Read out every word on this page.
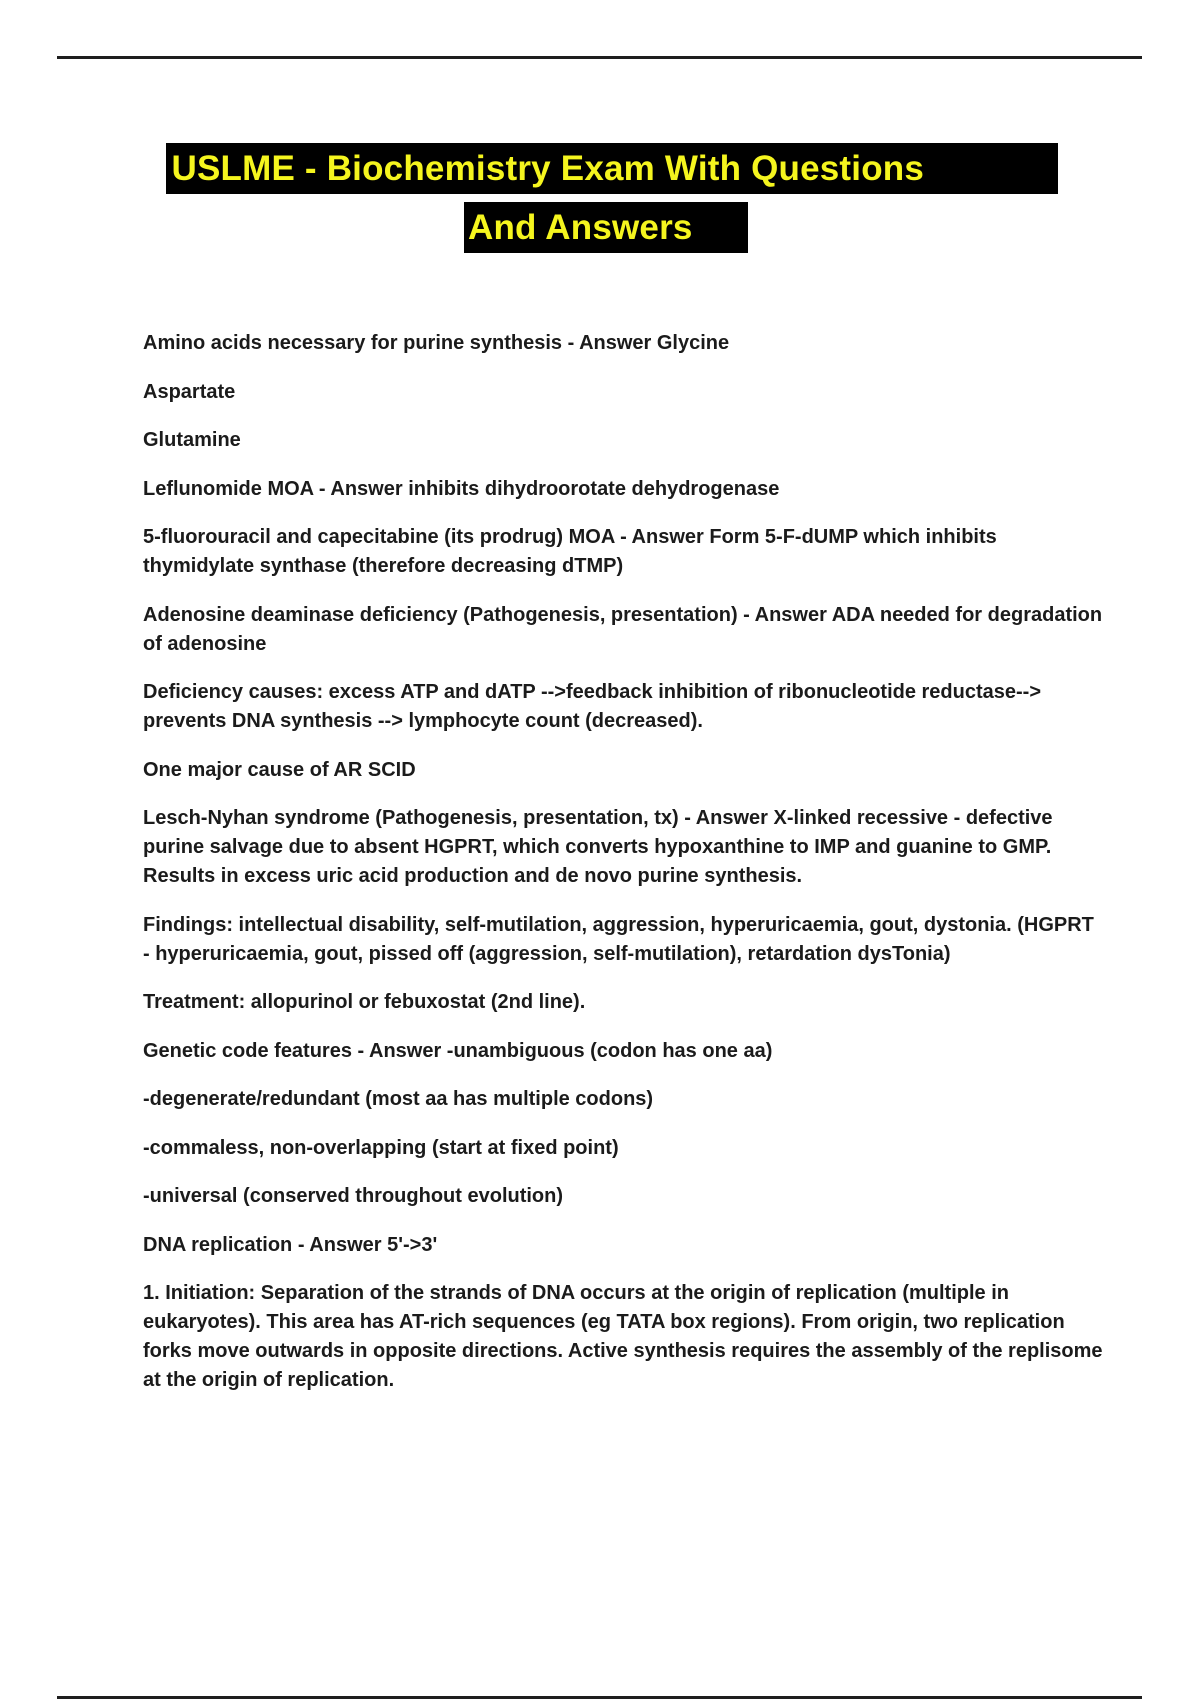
USLME - Biochemistry Exam With Questions
And Answers

Amino acids necessary for purine synthesis - Answer Glycine

Aspartate

Glutamine

Leflunomide MOA - Answer inhibits dihydroorotate dehydrogenase

5-fluorouracil and capecitabine (its prodrug) MOA - Answer Form 5-F-dUMP which inhibits thymidylate synthase (therefore decreasing dTMP)

Adenosine deaminase deficiency (Pathogenesis, presentation) - Answer ADA needed for degradation of adenosine

Deficiency causes: excess ATP and dATP -->feedback inhibition of ribonucleotide reductase--> prevents DNA synthesis --> lymphocyte count (decreased).

One major cause of AR SCID

Lesch-Nyhan syndrome (Pathogenesis, presentation, tx) - Answer X-linked recessive - defective purine salvage due to absent HGPRT, which converts hypoxanthine to IMP and guanine to GMP. Results in excess uric acid production and de novo purine synthesis.

Findings: intellectual disability, self-mutilation, aggression, hyperuricaemia, gout, dystonia. (HGPRT - hyperuricaemia, gout, pissed off (aggression, self-mutilation), retardation dysTonia)

Treatment: allopurinol or febuxostat (2nd line).

Genetic code features - Answer -unambiguous (codon has one aa)

-degenerate/redundant (most aa has multiple codons)

-commaless, non-overlapping (start at fixed point)

-universal (conserved throughout evolution)

DNA replication - Answer 5'->3'

1. Initiation: Separation of the strands of DNA occurs at the origin of replication (multiple in eukaryotes). This area has AT-rich sequences (eg TATA box regions). From origin, two replication forks move outwards in opposite directions. Active synthesis requires the assembly of the replisome at the origin of replication.
